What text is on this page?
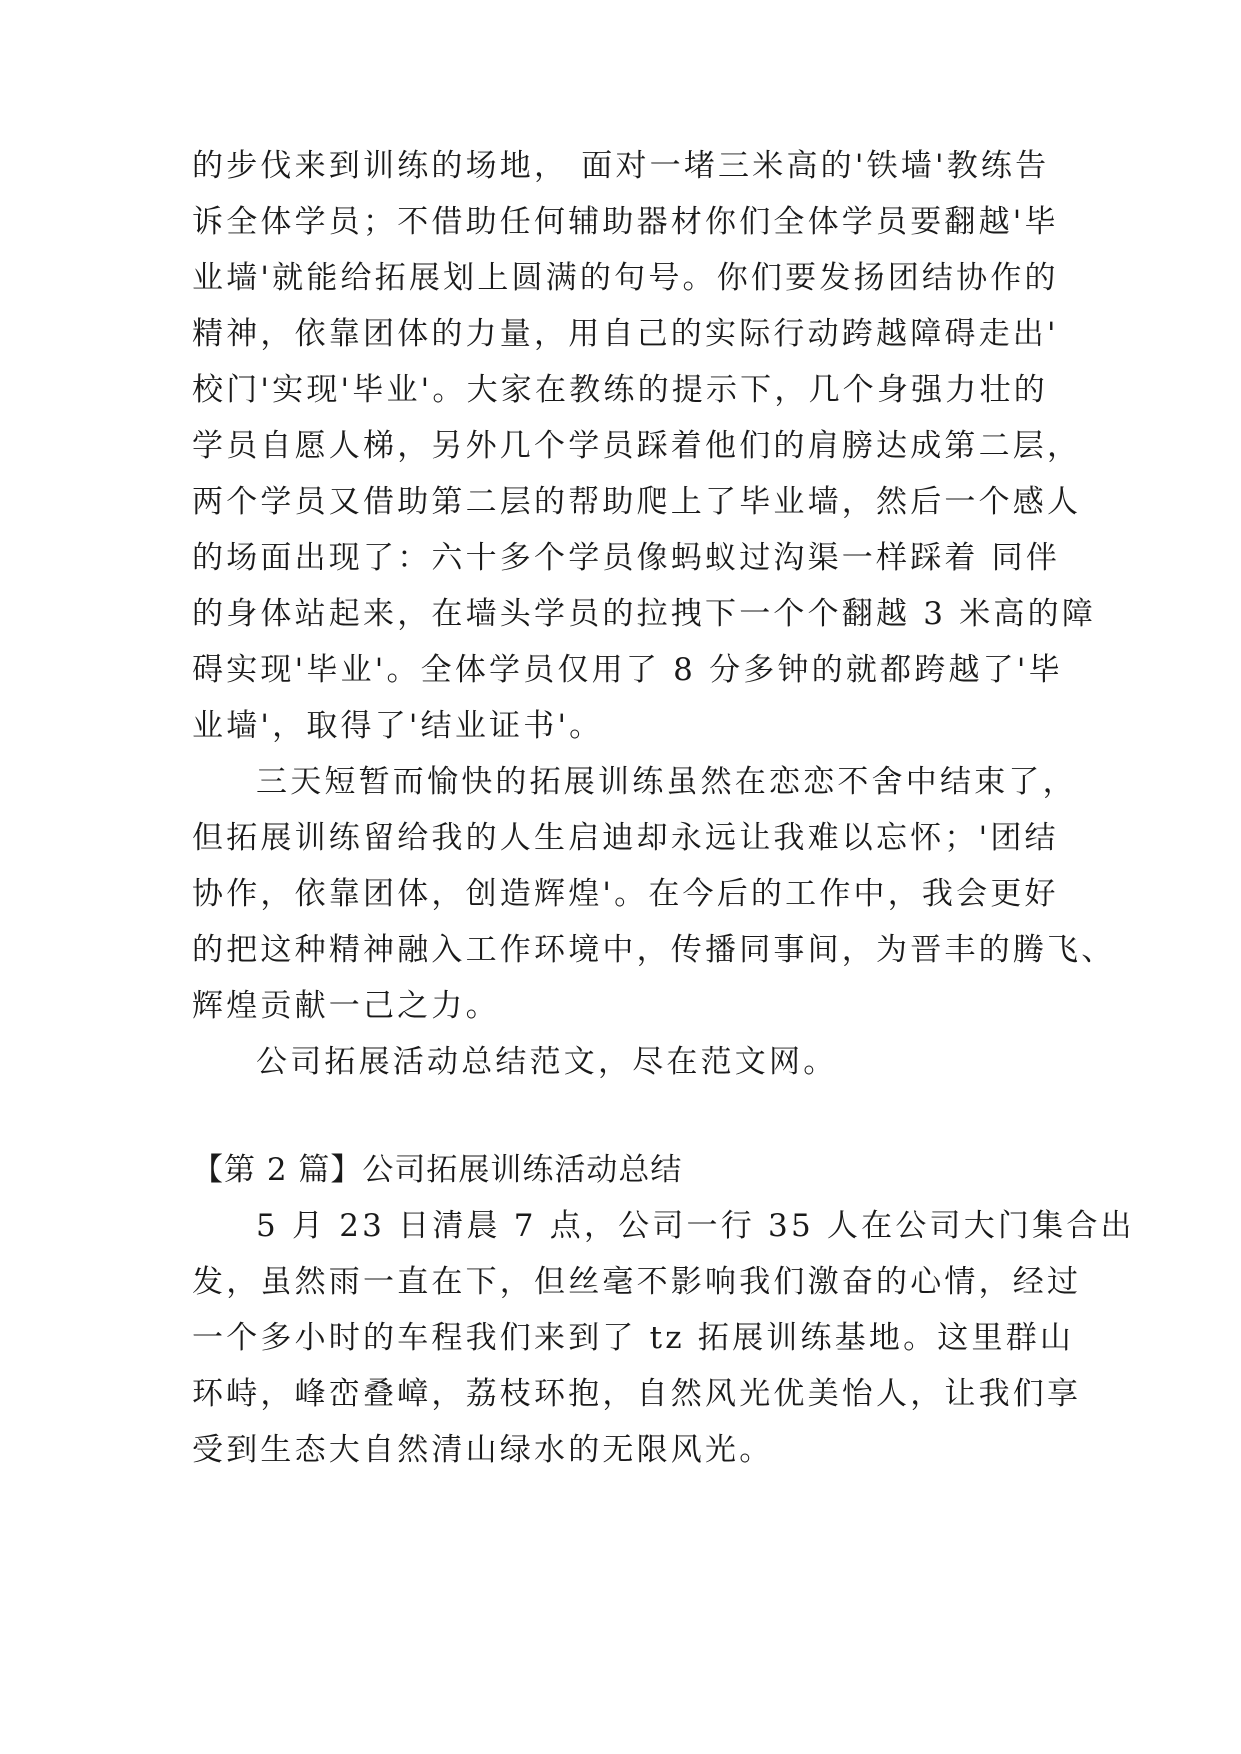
的步伐来到训练的场地， 面对一堵三米高的'铁墙'教练告
诉全体学员；不借助任何辅助器材你们全体学员要翻越'毕
业墙'就能给拓展划上圆满的句号。你们要发扬团结协作的
精神，依靠团体的力量，用自己的实际行动跨越障碍走出'
校门'实现'毕业'。大家在教练的提示下，几个身强力壮的
学员自愿人梯，另外几个学员踩着他们的肩膀达成第二层，
两个学员又借助第二层的帮助爬上了毕业墙，然后一个感人
的场面出现了：六十多个学员像蚂蚁过沟渠一样踩着 同伴
的身体站起来，在墙头学员的拉拽下一个个翻越 3 米高的障
碍实现'毕业'。全体学员仅用了 8 分多钟的就都跨越了'毕
业墙'，取得了'结业证书'。
三天短暂而愉快的拓展训练虽然在恋恋不舍中结束了，
但拓展训练留给我的人生启迪却永远让我难以忘怀；'团结
协作，依靠团体，创造辉煌'。在今后的工作中，我会更好
的把这种精神融入工作环境中，传播同事间，为晋丰的腾飞、
辉煌贡献一己之力。
公司拓展活动总结范文，尽在范文网。
【第 2 篇】公司拓展训练活动总结
5 月 23 日清晨 7 点，公司一行 35 人在公司大门集合出
发，虽然雨一直在下，但丝毫不影响我们激奋的心情，经过
一个多小时的车程我们来到了 tz 拓展训练基地。这里群山
环峙，峰峦叠嶂，荔枝环抱，自然风光优美怡人，让我们享
受到生态大自然清山绿水的无限风光。
